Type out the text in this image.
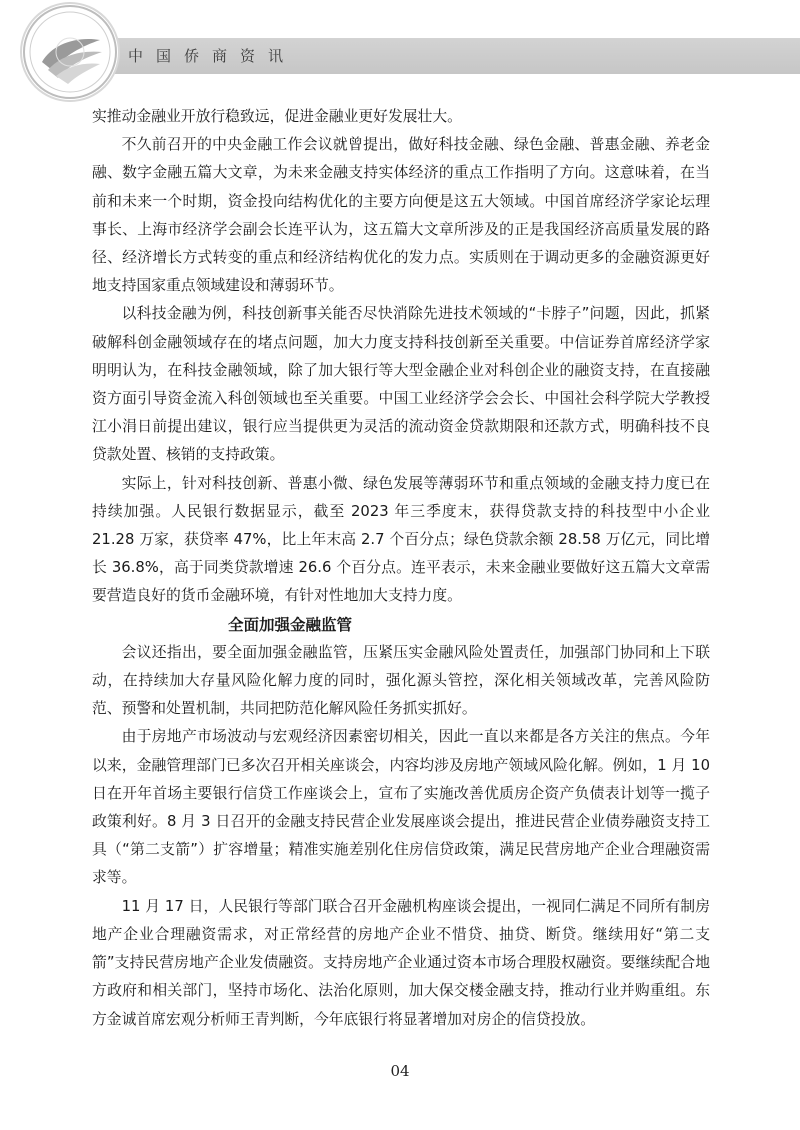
中国侨商资讯

实推动金融业开放行稳致远，促进金融业更好发展壮大。

不久前召开的中央金融工作会议就曾提出，做好科技金融、绿色金融、普惠金融、养老金融、数字金融五篇大文章，为未来金融支持实体经济的重点工作指明了方向。这意味着，在当前和未来一个时期，资金投向结构优化的主要方向便是这五大领域。中国首席经济学家论坛理事长、上海市经济学会副会长连平认为，这五篇大文章所涉及的正是我国经济高质量发展的路径、经济增长方式转变的重点和经济结构优化的发力点。实质则在于调动更多的金融资源更好地支持国家重点领域建设和薄弱环节。

以科技金融为例，科技创新事关能否尽快消除先进技术领域的“卡脖子”问题，因此，抓紧破解科创金融领域存在的堵点问题，加大力度支持科技创新至关重要。中信证券首席经济学家明明认为，在科技金融领域，除了加大银行等大型金融企业对科创企业的融资支持，在直接融资方面引导资金流入科创领域也至关重要。中国工业经济学会会长、中国社会科学院大学教授江小涓日前提出建议，银行应当提供更为灵活的流动资金贷款期限和还款方式，明确科技不良贷款处置、核销的支持政策。

实际上，针对科技创新、普惠小微、绿色发展等薄弱环节和重点领域的金融支持力度已在持续加强。人民银行数据显示，截至 2023 年三季度末，获得贷款支持的科技型中小企业 21.28 万家，获贷率 47%，比上年末高 2.7 个百分点；绿色贷款余额 28.58 万亿元，同比增长 36.8%，高于同类贷款增速 26.6 个百分点。连平表示，未来金融业要做好这五篇大文章需要营造良好的货币金融环境，有针对性地加大支持力度。

全面加强金融监管

会议还指出，要全面加强金融监管，压紧压实金融风险处置责任，加强部门协同和上下联动，在持续加大存量风险化解力度的同时，强化源头管控，深化相关领域改革，完善风险防范、预警和处置机制，共同把防范化解风险任务抓实抓好。

由于房地产市场波动与宏观经济因素密切相关，因此一直以来都是各方关注的焦点。今年以来，金融管理部门已多次召开相关座谈会，内容均涉及房地产领域风险化解。例如，1 月 10 日在开年首场主要银行信贷工作座谈会上，宣布了实施改善优质房企资产负债表计划等一揽子政策利好。8 月 3 日召开的金融支持民营企业发展座谈会提出，推进民营企业债券融资支持工具（“第二支箭”）扩容增量；精准实施差别化住房信贷政策，满足民营房地产企业合理融资需求等。

11 月 17 日，人民银行等部门联合召开金融机构座谈会提出，一视同仁满足不同所有制房地产企业合理融资需求，对正常经营的房地产企业不惜贷、抽贷、断贷。继续用好“第二支箭”支持民营房地产企业发债融资。支持房地产企业通过资本市场合理股权融资。要继续配合地方政府和相关部门，坚持市场化、法治化原则，加大保交楼金融支持，推动行业并购重组。东方金诚首席宏观分析师王青判断，今年底银行将显著增加对房企的信贷投放。

04
